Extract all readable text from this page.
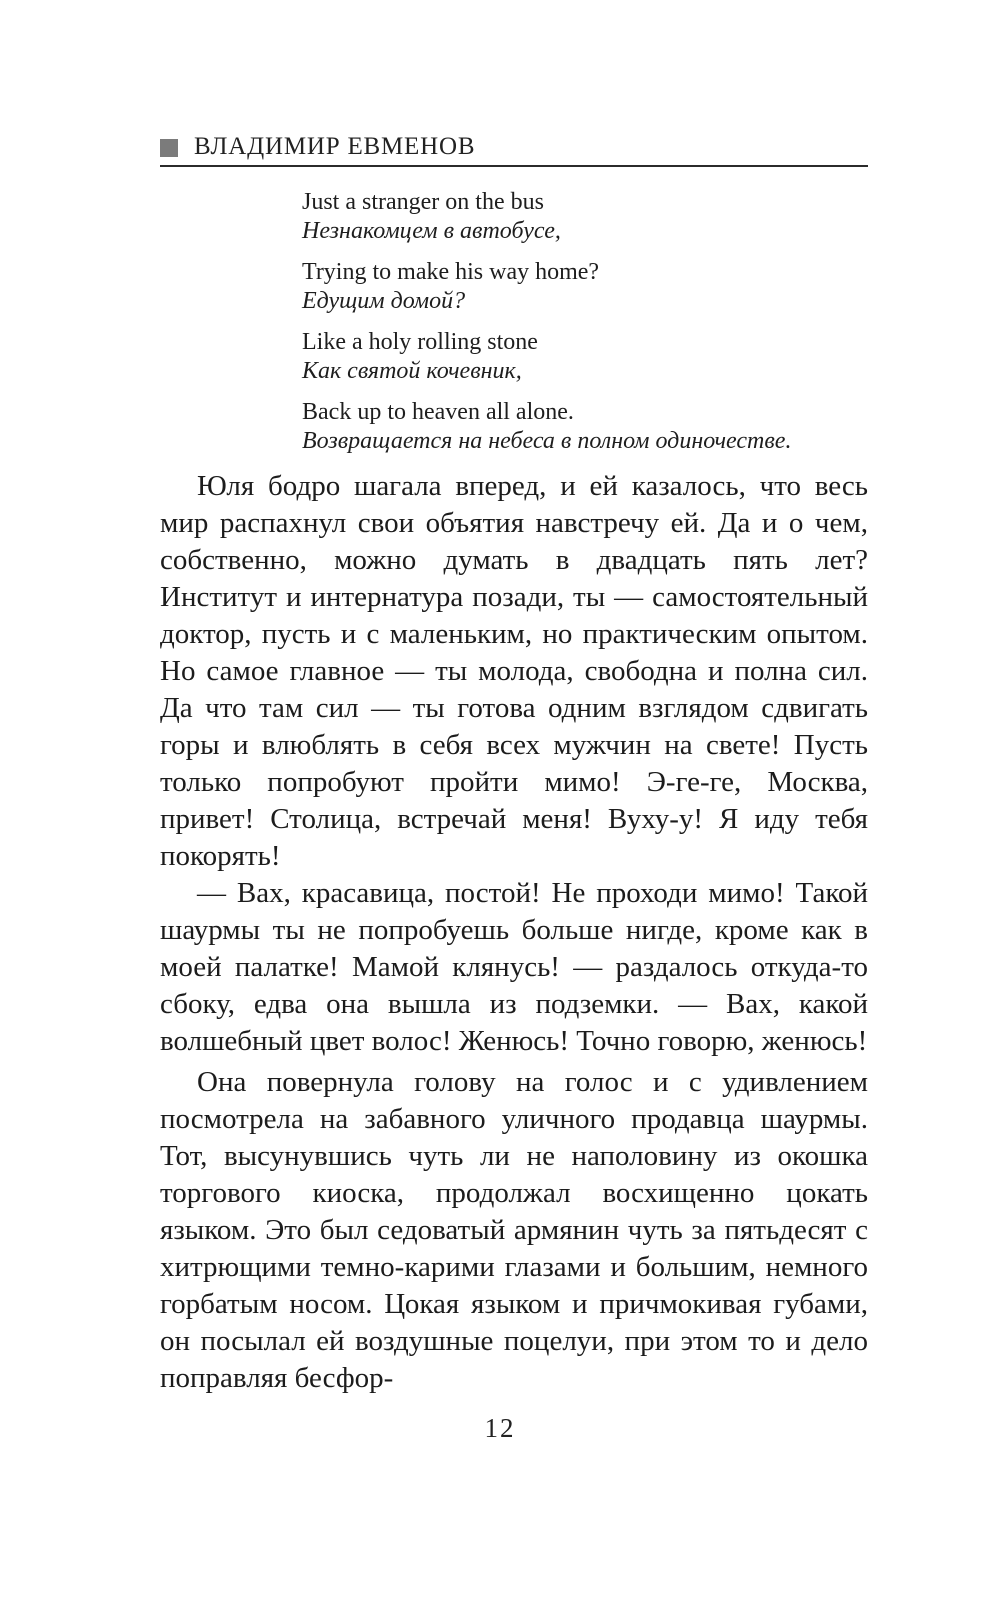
ВЛАДИМИР ЕВМЕНОВ
Just a stranger on the bus
Незнакомцем в автобусе,
Trying to make his way home?
Едущим домой?
Like a holy rolling stone
Как святой кочевник,
Back up to heaven all alone.
Возвращается на небеса в полном одиночестве.

Юля бодро шагала вперед, и ей казалось, что весь мир распахнул свои объятия навстречу ей. Да и о чем, собственно, можно думать в двадцать пять лет? Институт и интернатура позади, ты — самостоятельный доктор, пусть и с маленьким, но практическим опытом. Но самое главное — ты молода, свободна и полна сил. Да что там сил — ты готова одним взглядом сдвигать горы и влюблять в себя всех мужчин на свете! Пусть только попробуют пройти мимо! Э-ге-ге, Москва, привет! Столица, встречай меня! Вуху-у! Я иду тебя покорять!

— Вах, красавица, постой! Не проходи мимо! Такой шаурмы ты не попробуешь больше нигде, кроме как в моей палатке! Мамой клянусь! — раздалось откуда-то сбоку, едва она вышла из подземки. — Вах, какой волшебный цвет волос! Женюсь! Точно говорю, женюсь!

Она повернула голову на голос и с удивлением посмотрела на забавного уличного продавца шаурмы. Тот, высунувшись чуть ли не наполовину из окошка торгового киоска, продолжал восхищенно цокать языком. Это был седоватый армянин чуть за пятьдесят с хитрющими темно-карими глазами и большим, немного горбатым носом. Цокая языком и причмокивая губами, он посылал ей воздушные поцелуи, при этом то и дело поправляя бесфор-

12
